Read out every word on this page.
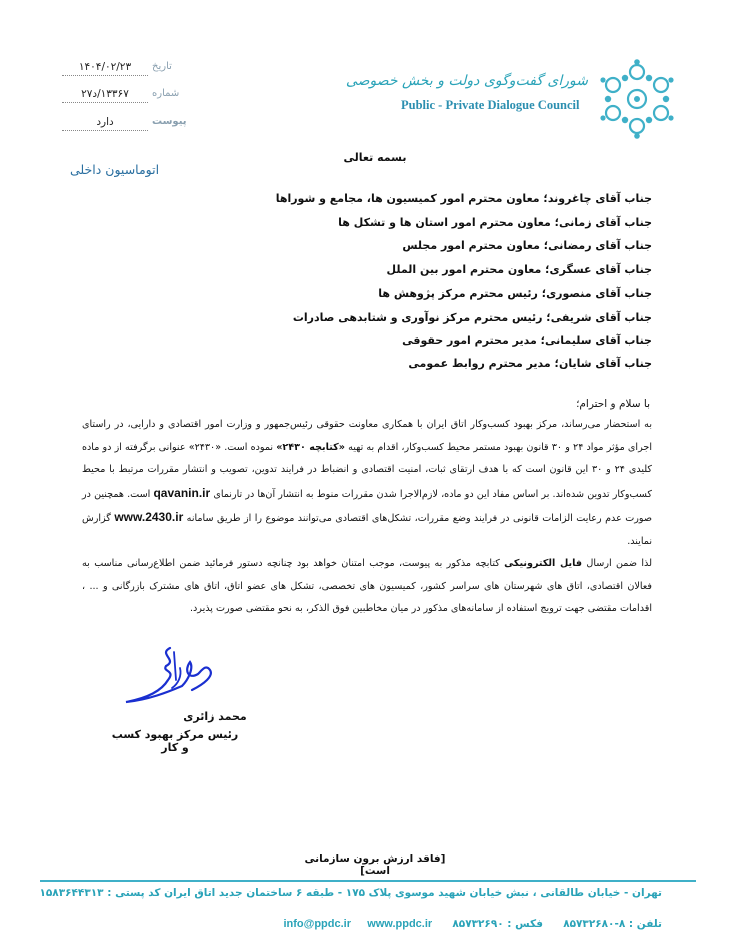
۱۴۰۴/۰۲/۲۳	تاریخ
۱۳۳۶۷/د۲۷	شماره
دارد	پیوست
اتوماسیون داخلی
شورای گفت‌وگوی دولت و بخش خصوصی
Public - Private Dialogue Council
بسمه تعالی
جناب آقای چاغروند؛ معاون محترم امور کمیسیون ها، مجامع و شوراها
جناب آقای زمانی؛ معاون محترم امور استان ها و تشکل ها
جناب آقای رمضانی؛ معاون محترم امور مجلس
جناب آقای عسگری؛ معاون محترم امور بین الملل
جناب آقای منصوری؛ رئیس محترم مرکز پژوهش ها
جناب آقای شریفی؛ رئیس محترم مرکز نوآوری و شتابدهی صادرات
جناب آقای سلیمانی؛ مدیر محترم امور حقوقی
جناب آقای شایان؛ مدیر محترم روابط عمومی
با سلام و احترام؛
به استحضار می‌رساند، مرکز بهبود کسب‌وکار اتاق ایران با همکاری معاونت حقوقی رئیس‌جمهور و وزارت امور اقتصادی و دارایی، در راستای اجرای مؤثر مواد ۲۴ و ۳۰ قانون بهبود مستمر محیط کسب‌وکار، اقدام به تهیه «کتابچه ۲۴۳۰» نموده است. «۲۴۳۰» عنوانی برگرفته از دو ماده کلیدی ۲۴ و ۳۰ این قانون است که با هدف ارتقای ثبات، امنیت اقتصادی و انضباط در فرایند تدوین، تصویب و انتشار مقررات مرتبط با محیط کسب‌وکار تدوین شده‌اند. بر اساس مفاد این دو ماده، لازم‌الاجرا شدن مقررات منوط به انتشار آن‌ها در تارنمای qavanin.ir است. همچنین در صورت عدم رعایت الزامات قانونی در فرایند وضع مقررات، تشکل‌های اقتصادی می‌توانند موضوع را از طریق سامانه www.2430.ir گزارش نمایند.
لذا ضمن ارسال فایل الکترونیکی کتابچه مذکور به پیوست، موجب امتنان خواهد بود چنانچه دستور فرمائید ضمن اطلاع‌رسانی مناسب به فعالان اقتصادی، اتاق های شهرستان های سراسر کشور، کمیسیون های تخصصی، تشکل های عضو اتاق، اتاق های مشترک بازرگانی و ... ، اقدامات مقتضی جهت ترویج استفاده از سامانه‌های مذکور در میان مخاطبین فوق الذکر، به نحو مقتضی صورت پذیرد.
محمد زائری
رئیس مرکز بهبود کسب و کار
[فاقد ارزش برون سازمانی است]
تهران - خیابان طالقانی ، نبش خیابان شهید موسوی پلاک ۱۷۵ - طبقه ۶ ساختمان جدید اتاق ایران کد پستی : ۱۵۸۳۶۴۴۳۱۳
تلفن : ۸-۸۵۷۳۲۶۸۰  فکس : ۸۵۷۳۲۶۹۰  info@ppdc.ir www.ppdc.ir
